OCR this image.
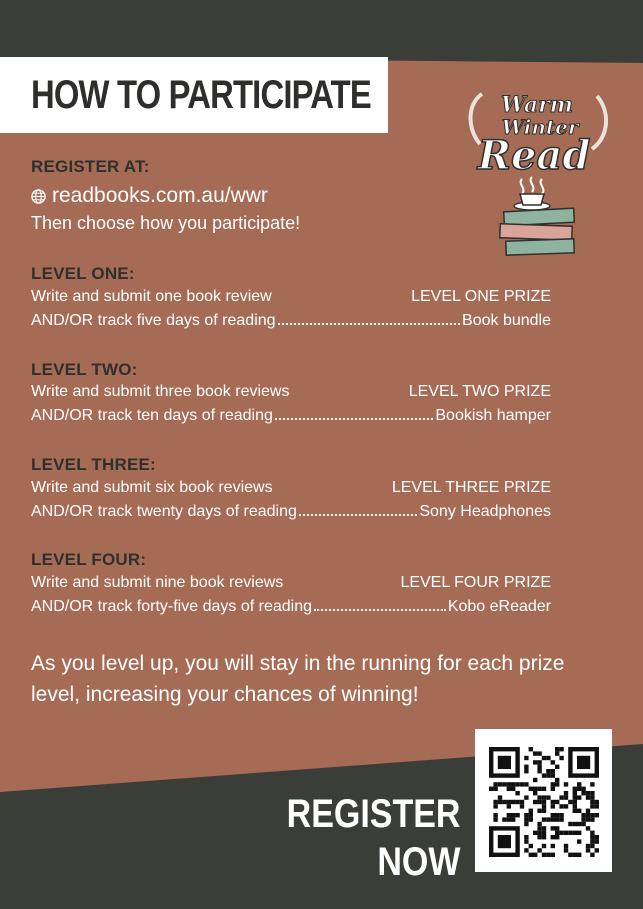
HOW TO PARTICIPATE	Warm
Winter
Read
REGISTER AT:
readbooks.com.au/wwr
Then choose how you participate!
LEVEL ONE:
Write and submit one book review	LEVEL ONE PRIZE
AND/OR track five days of reading	Book bundle
LEVEL TWO:
Write and submit three book reviews	LEVEL TWO PRIZE
AND/OR track ten days of reading	Bookish hamper
LEVEL THREE:
Write and submit six book reviews	LEVEL THREE PRIZE
AND/OR track twenty days of reading	Sony Headphones
LEVEL FOUR:
Write and submit nine book reviews	LEVEL FOUR PRIZE
AND/OR track forty-five days of reading	Kobo eReader
As you level up, you will stay in the running for each prize level, increasing your chances of winning!
REGISTER
NOW
